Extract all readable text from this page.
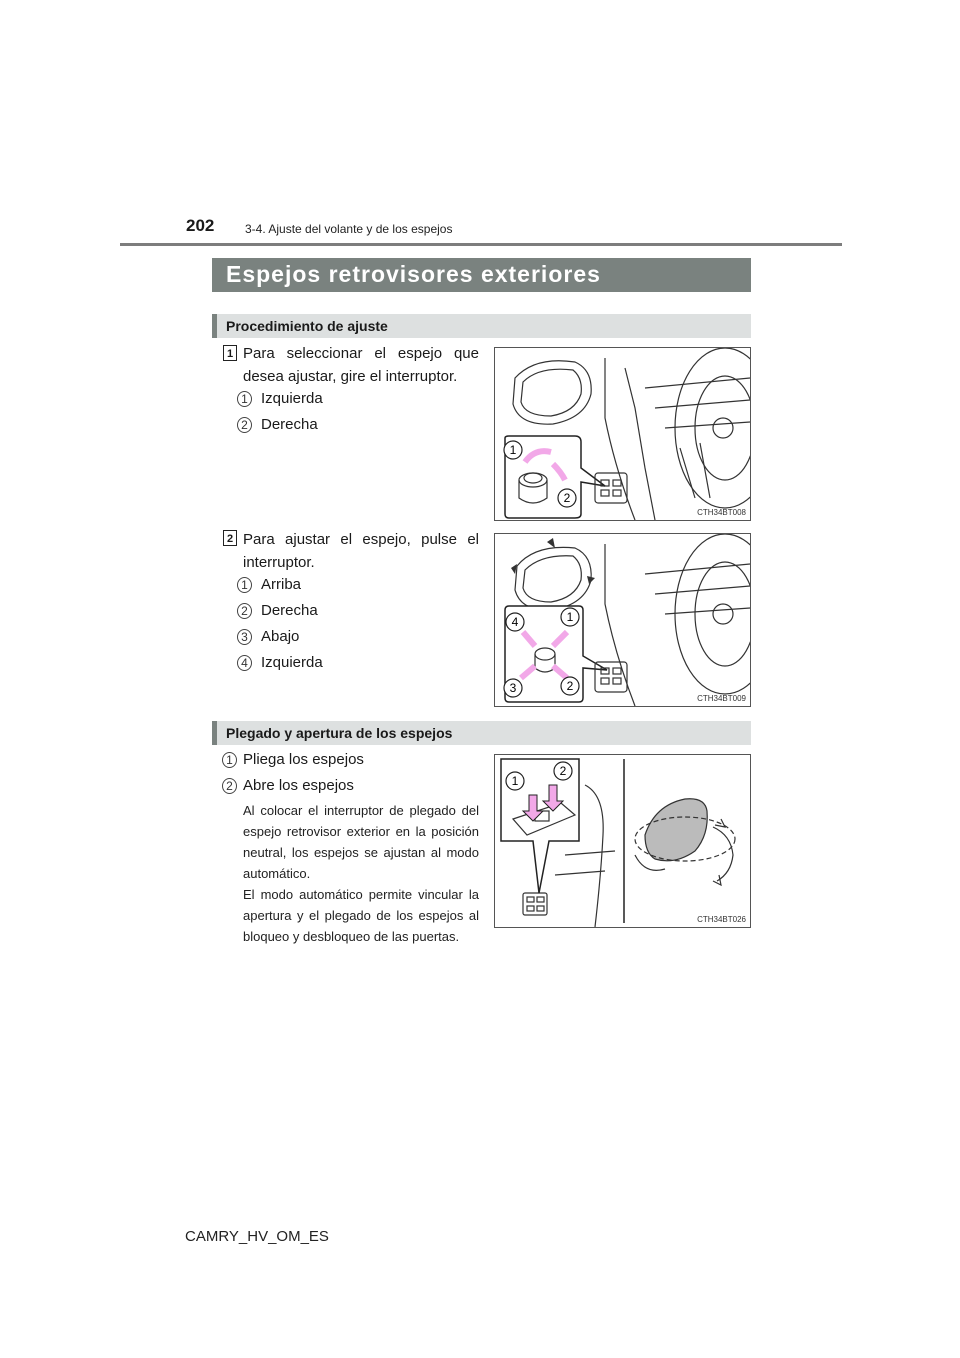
202	3-4. Ajuste del volante y de los espejos
Espejos retrovisores exteriores
Procedimiento de ajuste
1 Para seleccionar el espejo que desea ajustar, gire el interruptor.
1 Izquierda
2 Derecha
1
2
CTH34BT008
2 Para ajustar el espejo, pulse el interruptor.
1 Arriba
2 Derecha
3 Abajo
4 Izquierda
1
2
3
4
CTH34BT009
Plegado y apertura de los espejos
1 Pliega los espejos
2 Abre los espejos
Al colocar el interruptor de plegado del espejo retrovisor exterior en la posición neutral, los espejos se ajustan al modo automático.
El modo automático permite vincular la apertura y el plegado de los espejos al bloqueo y desbloqueo de las puertas.
1
2
CTH34BT026
CAMRY_HV_OM_ES
